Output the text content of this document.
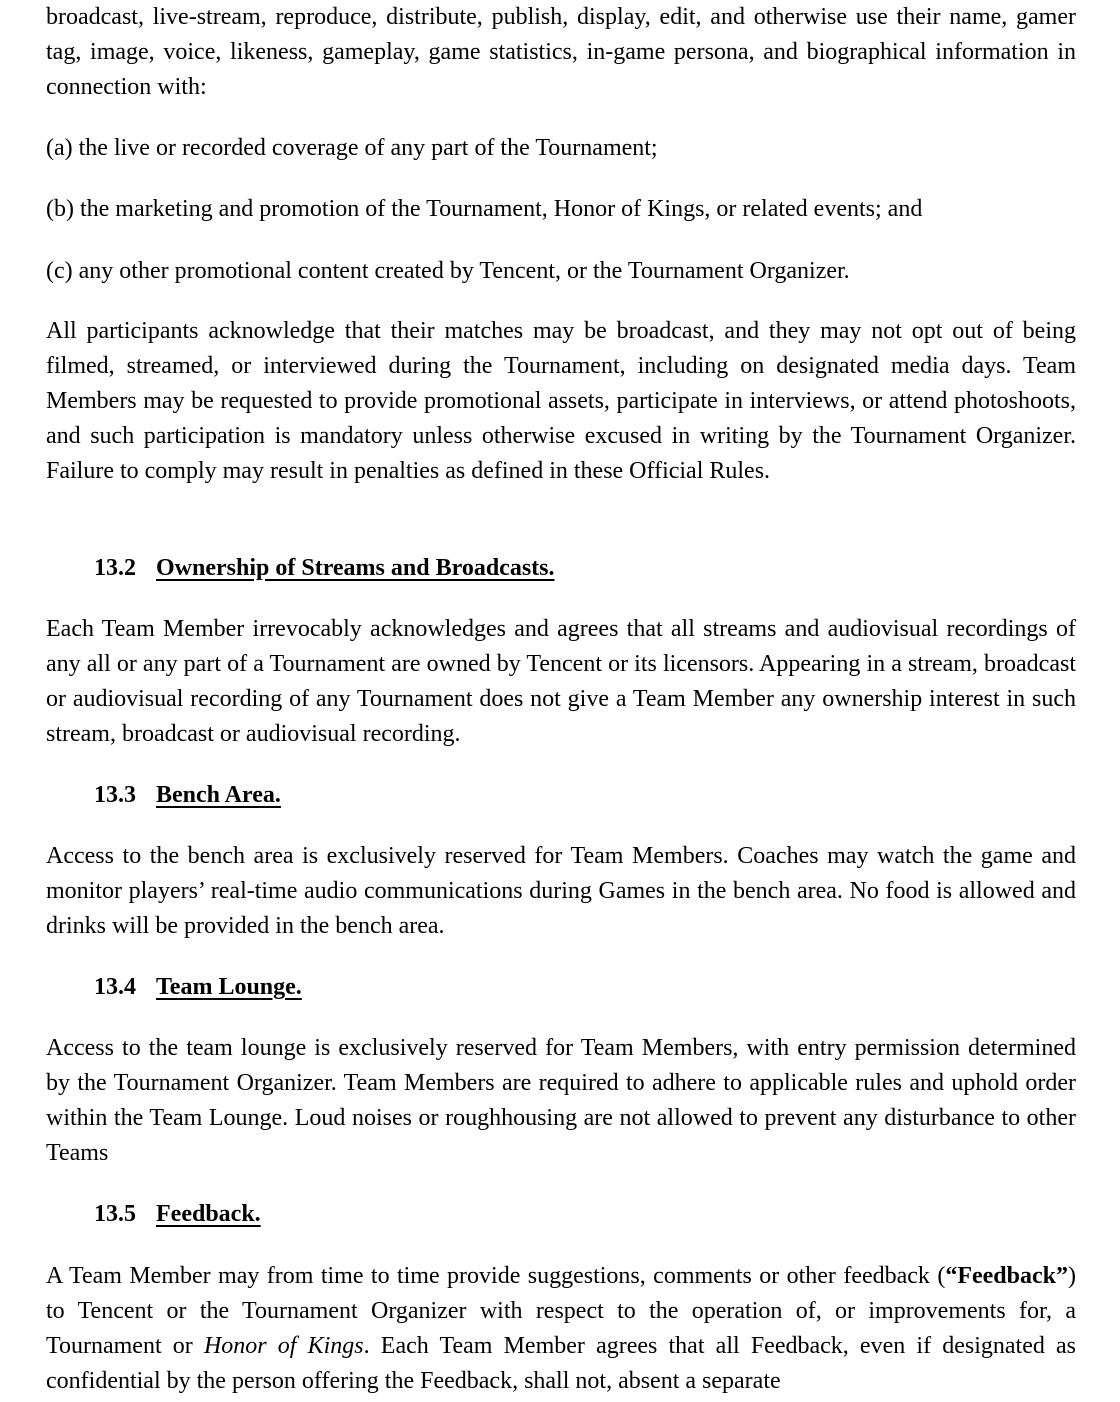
broadcast, live-stream, reproduce, distribute, publish, display, edit, and otherwise use their name, gamer tag, image, voice, likeness, gameplay, game statistics, in-game persona, and biographical information in connection with:

(a) the live or recorded coverage of any part of the Tournament;

(b) the marketing and promotion of the Tournament, Honor of Kings, or related events; and

(c) any other promotional content created by Tencent, or the Tournament Organizer.

All participants acknowledge that their matches may be broadcast, and they may not opt out of being filmed, streamed, or interviewed during the Tournament, including on designated media days. Team Members may be requested to provide promotional assets, participate in interviews, or attend photoshoots, and such participation is mandatory unless otherwise excused in writing by the Tournament Organizer. Failure to comply may result in penalties as defined in these Official Rules.

13.2 Ownership of Streams and Broadcasts.

Each Team Member irrevocably acknowledges and agrees that all streams and audiovisual recordings of any all or any part of a Tournament are owned by Tencent or its licensors. Appearing in a stream, broadcast or audiovisual recording of any Tournament does not give a Team Member any ownership interest in such stream, broadcast or audiovisual recording.

13.3 Bench Area.

Access to the bench area is exclusively reserved for Team Members. Coaches may watch the game and monitor players’ real-time audio communications during Games in the bench area. No food is allowed and drinks will be provided in the bench area.

13.4 Team Lounge.

Access to the team lounge is exclusively reserved for Team Members, with entry permission determined by the Tournament Organizer. Team Members are required to adhere to applicable rules and uphold order within the Team Lounge. Loud noises or roughhousing are not allowed to prevent any disturbance to other Teams

13.5 Feedback.

A Team Member may from time to time provide suggestions, comments or other feedback (“Feedback”) to Tencent or the Tournament Organizer with respect to the operation of, or improvements for, a Tournament or Honor of Kings. Each Team Member agrees that all Feedback, even if designated as confidential by the person offering the Feedback, shall not, absent a separate
